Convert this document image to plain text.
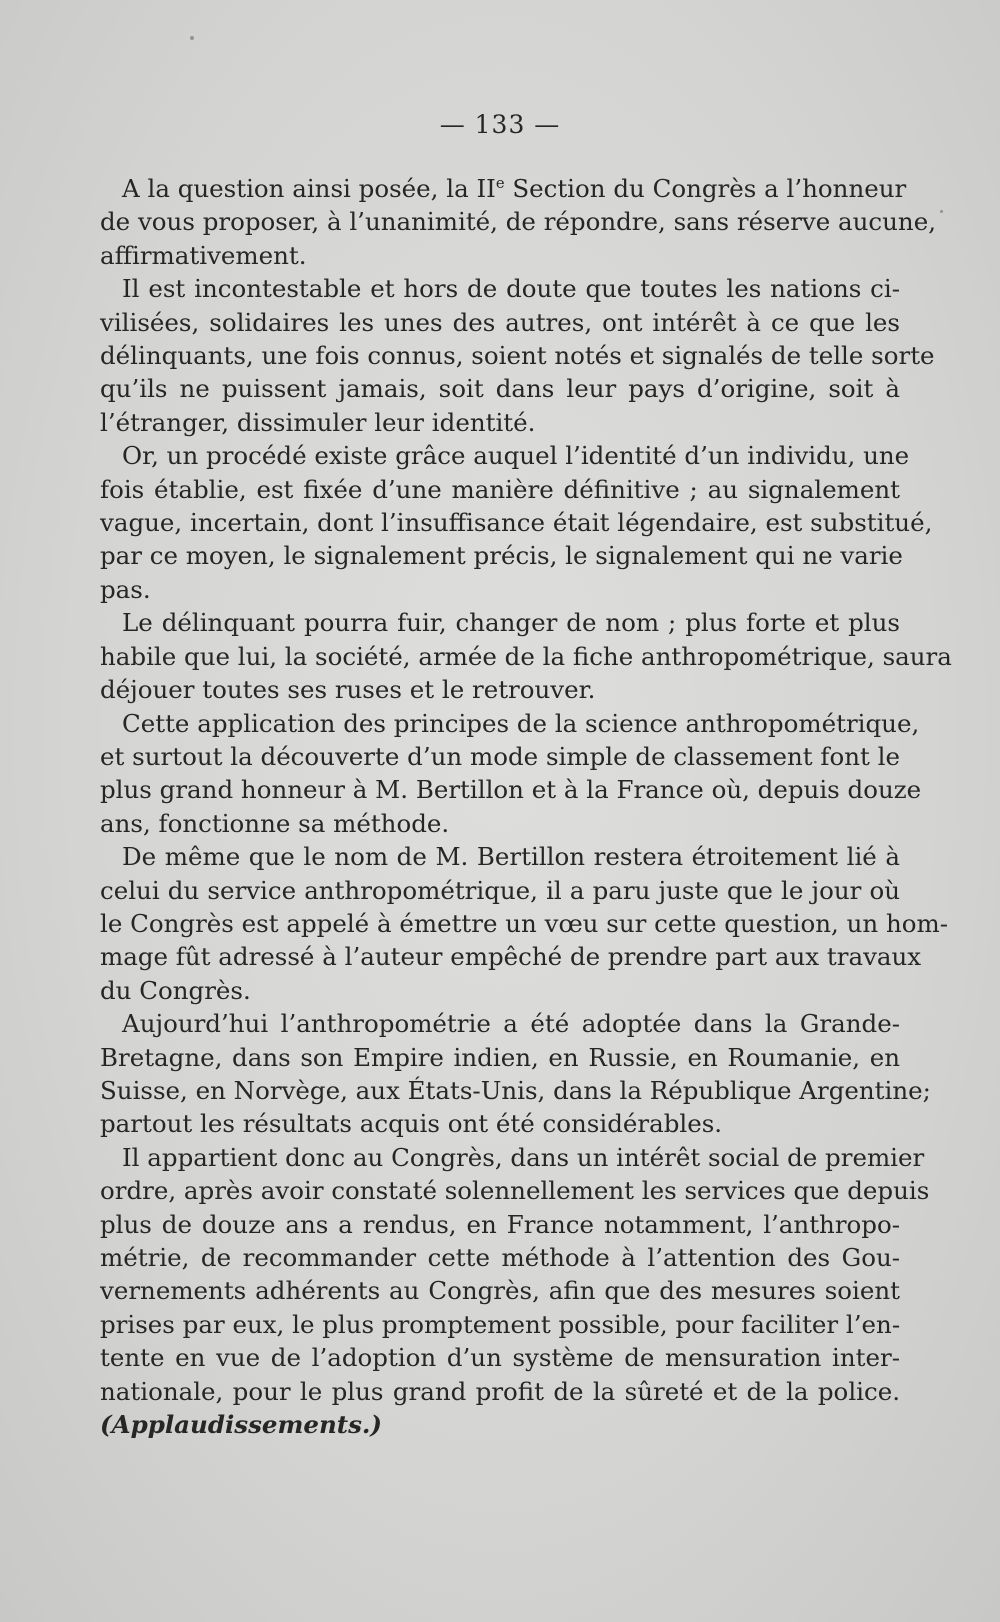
— 133 —
A la question ainsi posée, la IIe Section du Congrès a l’honneur
de vous proposer, à l’unanimité, de répondre, sans réserve aucune,
affirmativement.
Il est incontestable et hors de doute que toutes les nations ci-
vilisées, solidaires les unes des autres, ont intérêt à ce que les
délinquants, une fois connus, soient notés et signalés de telle sorte
qu’ils ne puissent jamais, soit dans leur pays d’origine, soit à
l’étranger, dissimuler leur identité.
Or, un procédé existe grâce auquel l’identité d’un individu, une
fois établie, est fixée d’une manière définitive ; au signalement
vague, incertain, dont l’insuffisance était légendaire, est substitué,
par ce moyen, le signalement précis, le signalement qui ne varie
pas.
Le délinquant pourra fuir, changer de nom ; plus forte et plus
habile que lui, la société, armée de la fiche anthropométrique, saura
déjouer toutes ses ruses et le retrouver.
Cette application des principes de la science anthropométrique,
et surtout la découverte d’un mode simple de classement font le
plus grand honneur à M. Bertillon et à la France où, depuis douze
ans, fonctionne sa méthode.
De même que le nom de M. Bertillon restera étroitement lié à
celui du service anthropométrique, il a paru juste que le jour où
le Congrès est appelé à émettre un vœu sur cette question, un hom-
mage fût adressé à l’auteur empêché de prendre part aux travaux
du Congrès.
Aujourd’hui l’anthropométrie a été adoptée dans la Grande-
Bretagne, dans son Empire indien, en Russie, en Roumanie, en
Suisse, en Norvège, aux États-Unis, dans la République Argentine;
partout les résultats acquis ont été considérables.
Il appartient donc au Congrès, dans un intérêt social de premier
ordre, après avoir constaté solennellement les services que depuis
plus de douze ans a rendus, en France notamment, l’anthropo-
métrie, de recommander cette méthode à l’attention des Gou-
vernements adhérents au Congrès, afin que des mesures soient
prises par eux, le plus promptement possible, pour faciliter l’en-
tente en vue de l’adoption d’un système de mensuration inter-
nationale, pour le plus grand profit de la sûreté et de la police.
(Applaudissements.)
